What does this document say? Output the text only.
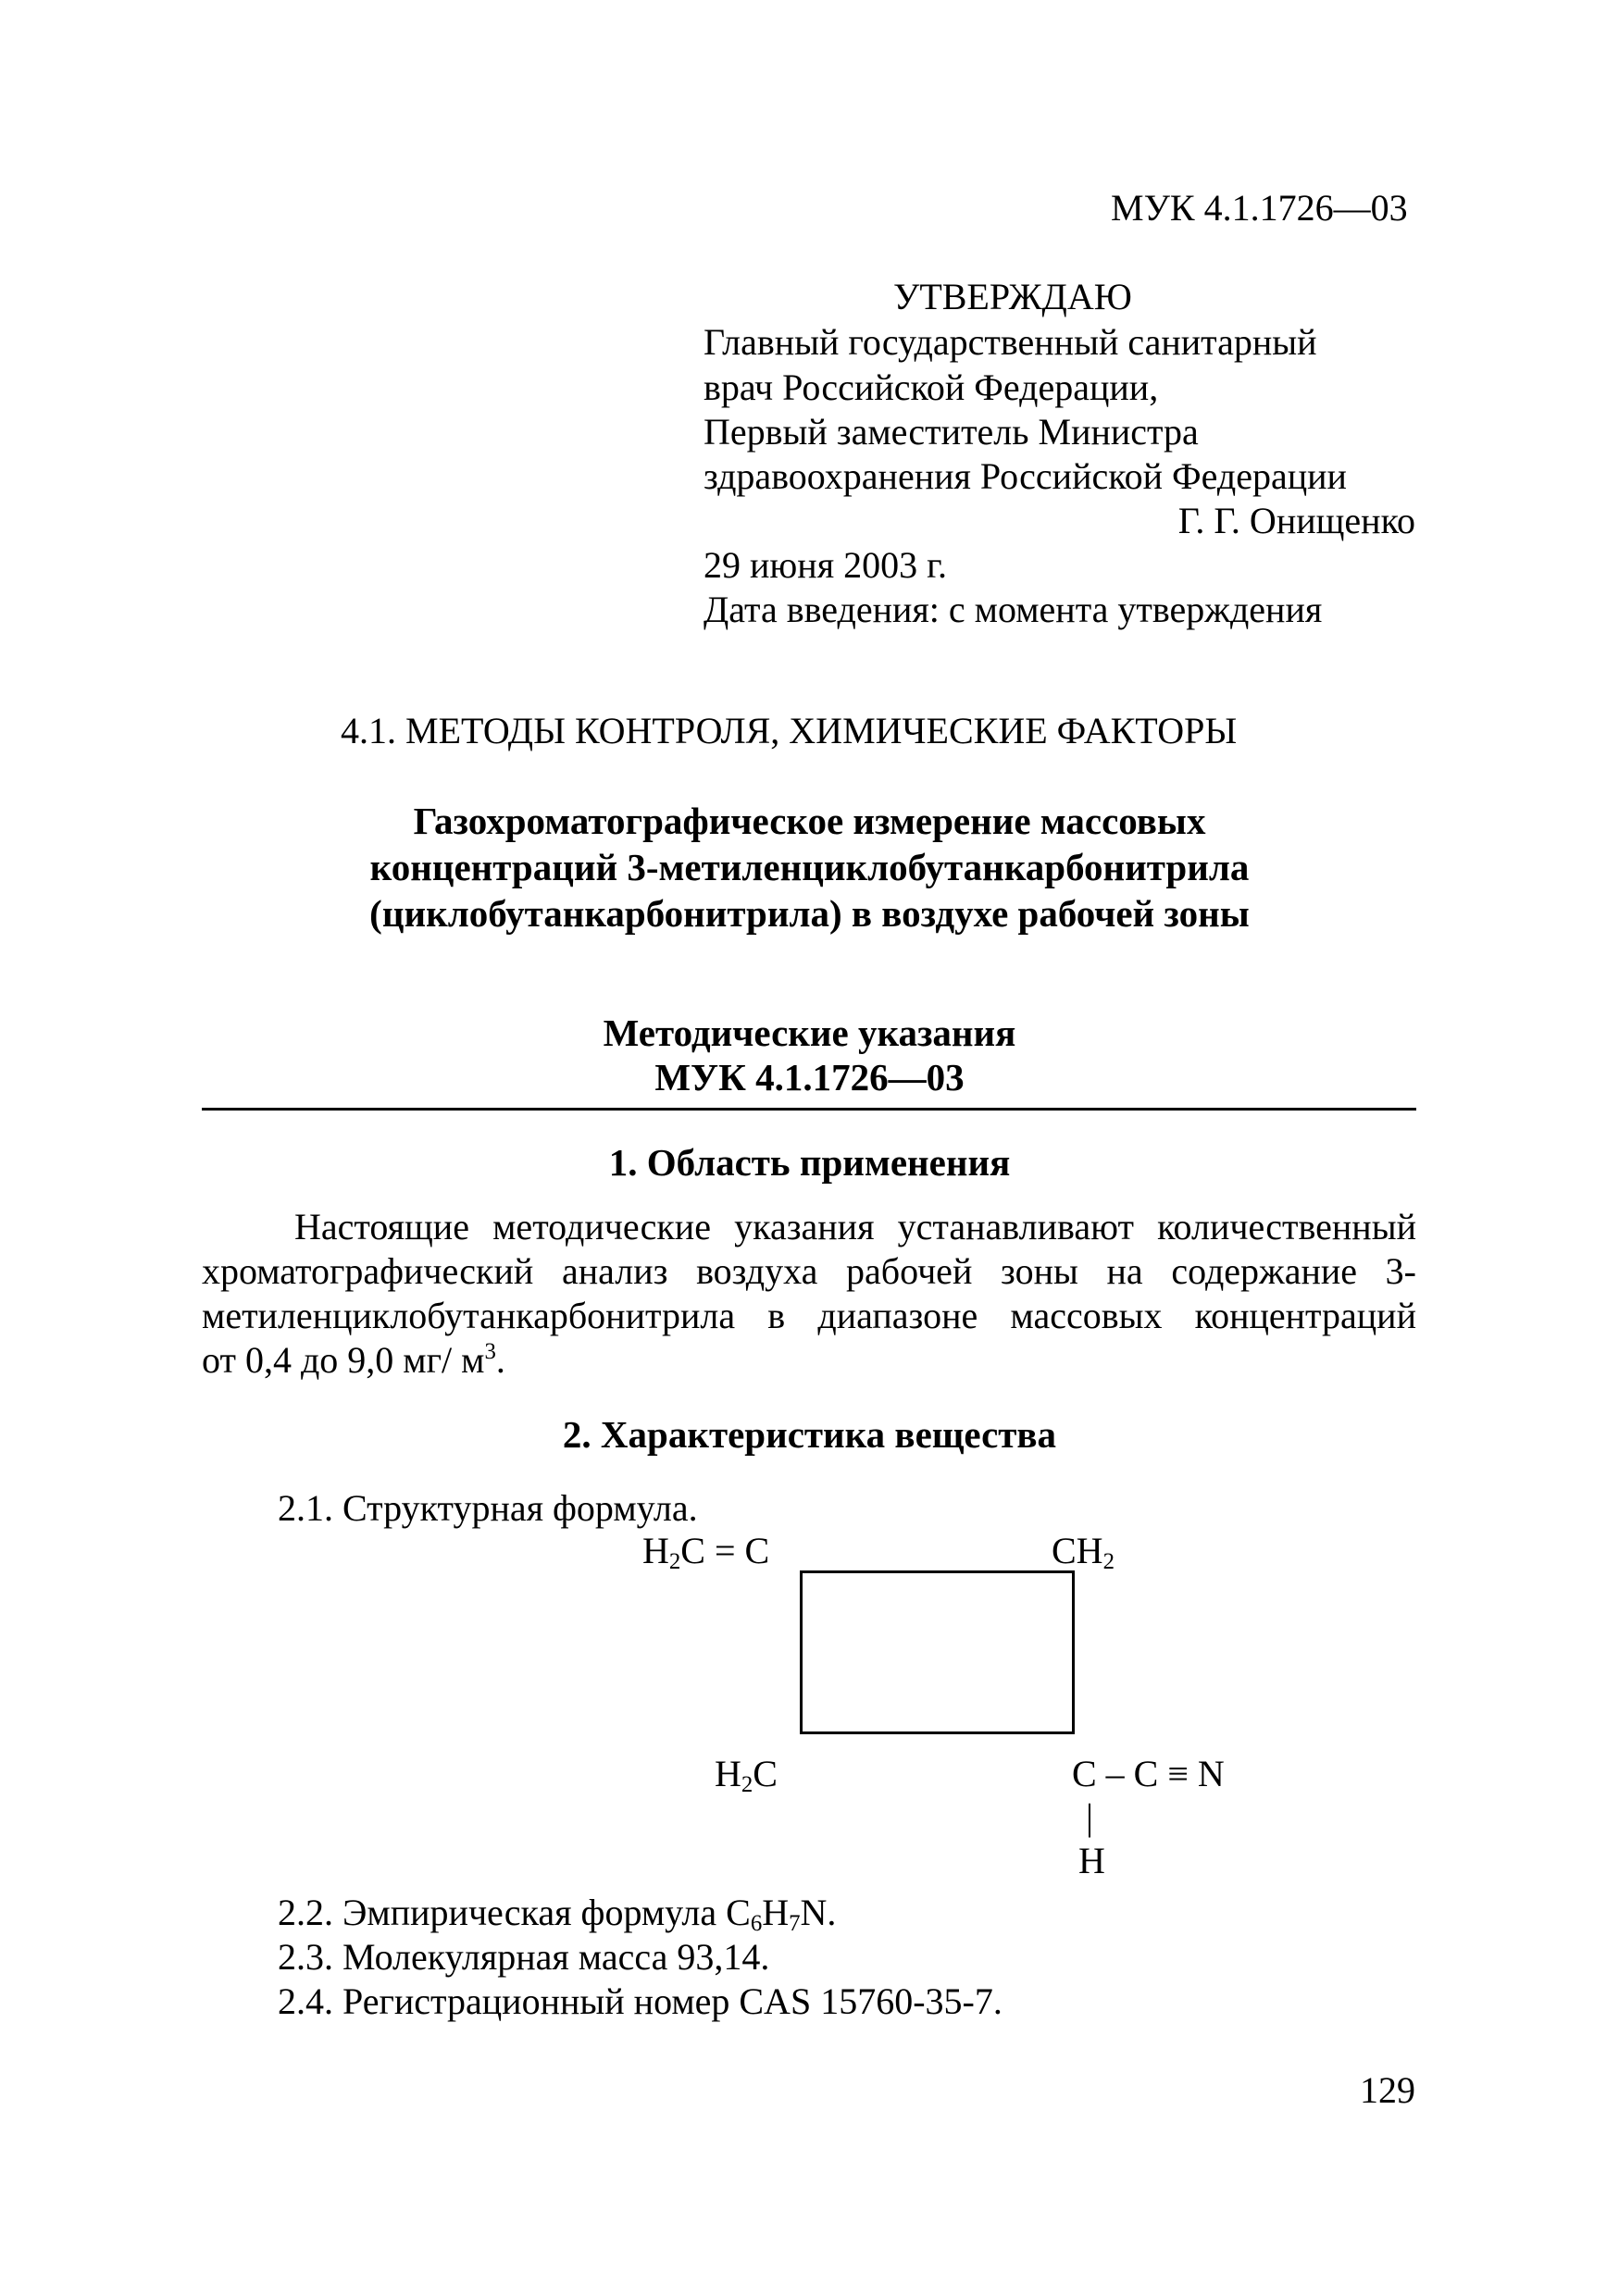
МУК 4.1.1726—03
УТВЕРЖДАЮ
Главный государственный санитарный
врач Российской Федерации,
Первый заместитель Министра
здравоохранения Российской Федерации
Г. Г. Онищенко
29 июня 2003 г.
Дата введения: с момента утверждения
4.1. МЕТОДЫ КОНТРОЛЯ, ХИМИЧЕСКИЕ ФАКТОРЫ
Газохроматографическое измерение массовых
концентраций 3-метиленциклобутанкарбонитрила
(циклобутанкарбонитрила) в воздухе рабочей зоны
Методические указания
МУК 4.1.1726—03
1. Область применения
Настоящие методические указания устанавливают количественный
хроматографический анализ воздуха рабочей зоны на содержание 3-
метиленциклобутанкарбонитрила в диапазоне массовых концентраций
от 0,4 до 9,0 мг/ $м^3$.
2. Характеристика вещества
2.1. Структурная формула.
$H_2C = C$	$CH_2$
$H_2C$	C – C ≡ N
|
H
2.2. Эмпирическая формула $C_6H_7N$.
2.3. Молекулярная масса 93,14.
2.4. Регистрационный номер CAS 15760-35-7.
129
